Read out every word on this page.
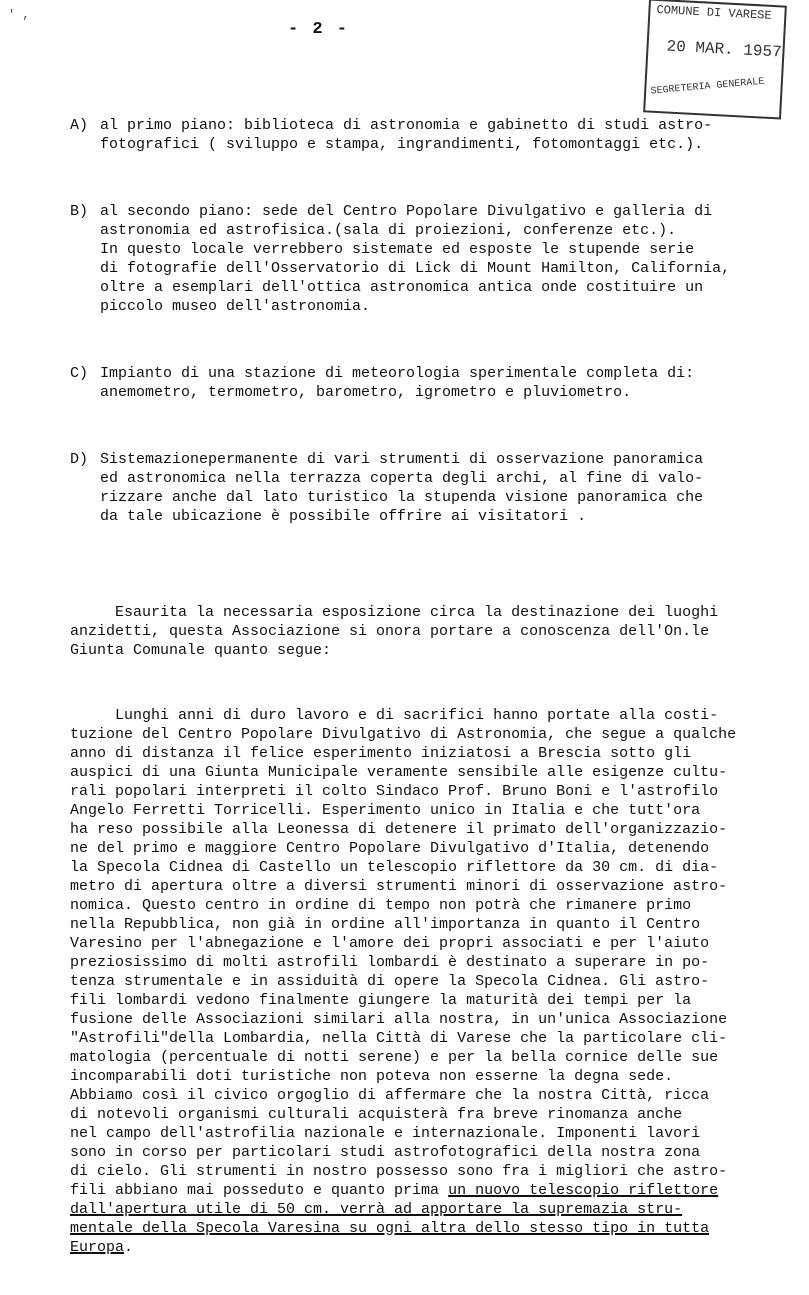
' ,
- 2 -
COMUNE DI VARESE
20 MAR. 1957
SEGRETERIA GENERALE

A) al primo piano: biblioteca di astronomia e gabinetto di studi astro-
fotografici ( sviluppo e stampa, ingrandimenti, fotomontaggi etc.).

B) al secondo piano: sede del Centro Popolare Divulgativo e galleria di
astronomia ed astrofisica.(sala di proiezioni, conferenze etc.).
In questo locale verrebbero sistemate ed esposte le stupende serie
di fotografie dell'Osservatorio di Lick di Mount Hamilton, California,
oltre a esemplari dell'ottica astronomica antica onde costituire un
piccolo museo dell'astronomia.

C) Impianto di una stazione di meteorologia sperimentale completa di:
anemometro, termometro, barometro, igrometro e pluviometro.

D) Sistemazionepermanente di vari strumenti di osservazione panoramica
ed astronomica nella terrazza coperta degli archi, al fine di valo-
rizzare anche dal lato turistico la stupenda visione panoramica che
da tale ubicazione è possibile offrire ai visitatori .

Esaurita la necessaria esposizione circa la destinazione dei luoghi
anzidetti, questa Associazione si onora portare a conoscenza dell'On.le
Giunta Comunale quanto segue:

Lunghi anni di duro lavoro e di sacrifici hanno portate alla costi-
tuzione del Centro Popolare Divulgativo di Astronomia, che segue a qualche
anno di distanza il felice esperimento iniziatosi a Brescia sotto gli
auspici di una Giunta Municipale veramente sensibile alle esigenze cultu-
rali popolari interpreti il colto Sindaco Prof. Bruno Boni e l'astrofilo
Angelo Ferretti Torricelli. Esperimento unico in Italia e che tutt'ora
ha reso possibile alla Leonessa di detenere il primato dell'organizzazio-
ne del primo e maggiore Centro Popolare Divulgativo d'Italia, detenendo
la Specola Cidnea di Castello un telescopio riflettore da 30 cm. di dia-
metro di apertura oltre a diversi strumenti minori di osservazione astro-
nomica. Questo centro in ordine di tempo non potrà che rimanere primo
nella Repubblica, non già in ordine all'importanza in quanto il Centro
Varesino per l'abnegazione e l'amore dei propri associati e per l'aiuto
preziosissimo di molti astrofili lombardi è destinato a superare in po-
tenza strumentale e in assiduità di opere la Specola Cidnea. Gli astro-
fili lombardi vedono finalmente giungere la maturità dei tempi per la
fusione delle Associazioni similari alla nostra, in un'unica Associazione
"Astrofili"della Lombardia, nella Città di Varese che la particolare cli-
matologia (percentuale di notti serene) e per la bella cornice delle sue
incomparabili doti turistiche non poteva non esserne la degna sede.
Abbiamo così il civico orgoglio di affermare che la nostra Città, ricca
di notevoli organismi culturali acquisterà fra breve rinomanza anche
nel campo dell'astrofilia nazionale e internazionale. Imponenti lavori
sono in corso per particolari studi astrofotografici della nostra zona
di cielo. Gli strumenti in nostro possesso sono fra i migliori che astro-
fili abbiano mai posseduto e quanto prima un nuovo telescopio riflettore
dall'apertura utile di 50 cm. verrà ad apportare la supremazia stru-
mentale della Specola Varesina su ogni altra dello stesso tipo in tutta
Europa.
